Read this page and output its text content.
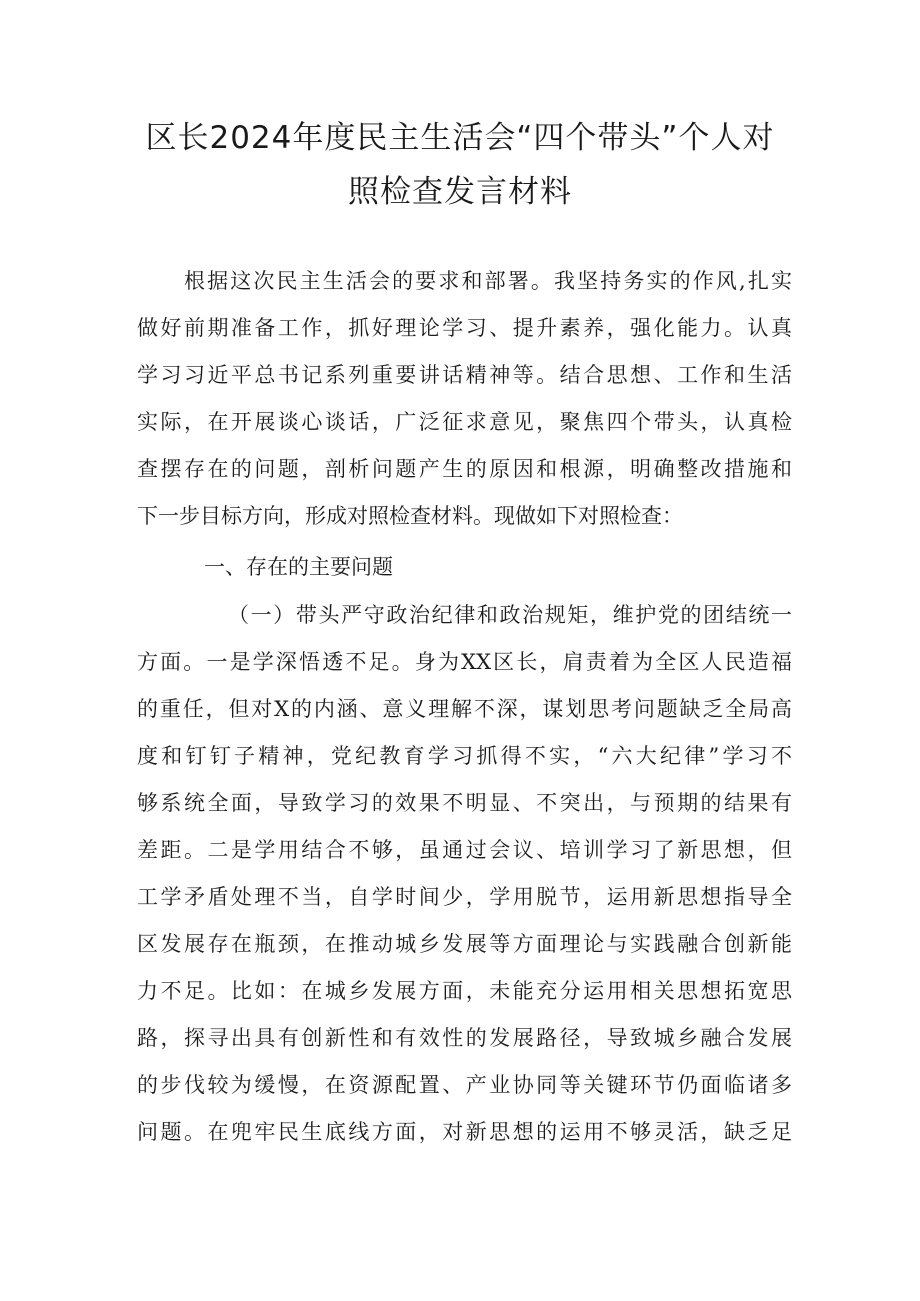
区长2024年度民主生活会“四个带头”个人对
照检查发言材料
根据这次民主生活会的要求和部署。我坚持务实的作风,扎实
做好前期准备工作，抓好理论学习、提升素养，强化能力。认真
学习习近平总书记系列重要讲话精神等。结合思想、工作和生活
实际，在开展谈心谈话，广泛征求意见，聚焦四个带头，认真检
查摆存在的问题，剖析问题产生的原因和根源，明确整改措施和
下一步目标方向，形成对照检查材料。现做如下对照检查：
一、存在的主要问题
（一）带头严守政治纪律和政治规矩，维护党的团结统一
方面。一是学深悟透不足。身为XX区长，肩责着为全区人民造福
的重任，但对X的内涵、意义理解不深，谋划思考问题缺乏全局高
度和钉钉子精神，党纪教育学习抓得不实，“六大纪律”学习不
够系统全面，导致学习的效果不明显、不突出，与预期的结果有
差距。二是学用结合不够，虽通过会议、培训学习了新思想，但
工学矛盾处理不当，自学时间少，学用脱节，运用新思想指导全
区发展存在瓶颈，在推动城乡发展等方面理论与实践融合创新能
力不足。比如：在城乡发展方面，未能充分运用相关思想拓宽思
路，探寻出具有创新性和有效性的发展路径，导致城乡融合发展
的步伐较为缓慢，在资源配置、产业协同等关键环节仍面临诸多
问题。在兜牢民生底线方面，对新思想的运用不够灵活，缺乏足
